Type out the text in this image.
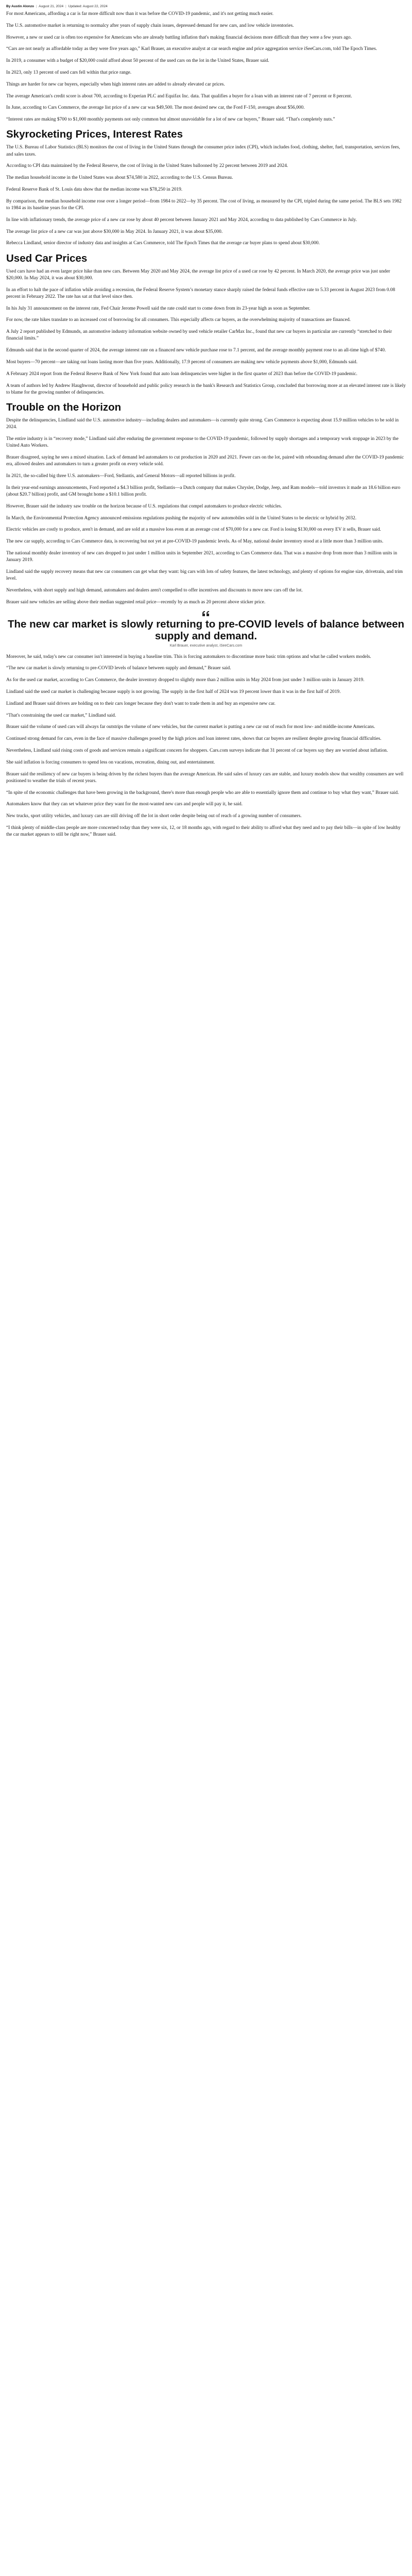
By Austin Alonzo | August 21, 2024 | Updated: August 22, 2024

For most Americans, affording a car is far more difficult now than it was before the COVID-19 pandemic, and it's not getting much easier.

The U.S. automotive market is returning to normalcy after years of supply chain issues, depressed demand for new cars, and low vehicle inventories.

However, a new or used car is often too expensive for Americans who are already battling inflation that's making financial decisions more difficult than they were a few years ago.

“Cars are not nearly as affordable today as they were five years ago,” Karl Brauer, an executive analyst at car search engine and price aggregation service iSeeCars.com, told The Epoch Times.

In 2019, a consumer with a budget of $20,000 could afford about 50 percent of the used cars on the lot in the United States, Brauer said.

In 2023, only 13 percent of used cars fell within that price range.

Things are harder for new car buyers, especially when high interest rates are added to already elevated car prices.

The average American's credit score is about 700, according to Experian PLC and Equifax Inc. data. That qualifies a buyer for a loan with an interest rate of 7 percent or 8 percent.

In June, according to Cars Commerce, the average list price of a new car was $49,500. The most desired new car, the Ford F-150, averages about $56,000.

“Interest rates are making $700 to $1,000 monthly payments not only common but almost unavoidable for a lot of new car buyers,” Brauer said. “That's completely nuts.”

Skyrocketing Prices, Interest Rates

The U.S. Bureau of Labor Statistics (BLS) monitors the cost of living in the United States through the consumer price index (CPI), which includes food, clothing, shelter, fuel, transportation, services fees, and sales taxes.

According to CPI data maintained by the Federal Reserve, the cost of living in the United States ballooned by 22 percent between 2019 and 2024.

The median household income in the United States was about $74,580 in 2022, according to the U.S. Census Bureau.

Federal Reserve Bank of St. Louis data show that the median income was $78,250 in 2019.

By comparison, the median household income rose over a longer period—from 1984 to 2022—by 35 percent. The cost of living, as measured by the CPI, tripled during the same period. The BLS sets 1982 to 1984 as its baseline years for the CPI.

In line with inflationary trends, the average price of a new car rose by about 40 percent between January 2021 and May 2024, according to data published by Cars Commerce in July.

The average list price of a new car was just above $30,000 in May 2024. In January 2021, it was about $35,000.

Rebecca Lindland, senior director of industry data and insights at Cars Commerce, told The Epoch Times that the average car buyer plans to spend about $30,000.

Used Car Prices

Used cars have had an even larger price hike than new cars. Between May 2020 and May 2024, the average list price of a used car rose by 42 percent. In March 2020, the average price was just under $20,000. In May 2024, it was about $30,000.

In an effort to halt the pace of inflation while avoiding a recession, the Federal Reserve System’s monetary stance sharply raised the federal funds effective rate to 5.33 percent in August 2023 from 0.08 percent in February 2022. The rate has sat at that level since then.

In his July 31 announcement on the interest rate, Fed Chair Jerome Powell said the rate could start to come down from its 23-year high as soon as September.

For now, the rate hikes translate to an increased cost of borrowing for all consumers. This especially affects car buyers, as the overwhelming majority of transactions are financed.

A July 2 report published by Edmunds, an automotive industry information website owned by used vehicle retailer CarMax Inc., found that new car buyers in particular are currently “stretched to their financial limits.”

Edmunds said that in the second quarter of 2024, the average interest rate on a financed new vehicle purchase rose to 7.1 percent, and the average monthly payment rose to an all-time high of $740.

Most buyers—70 percent—are taking out loans lasting more than five years. Additionally, 17.9 percent of consumers are making new vehicle payments above $1,000, Edmunds said.

A February 2024 report from the Federal Reserve Bank of New York found that auto loan delinquencies were higher in the first quarter of 2023 than before the COVID-19 pandemic.

A team of authors led by Andrew Haughwout, director of household and public policy research in the bank's Research and Statistics Group, concluded that borrowing more at an elevated interest rate is likely to blame for the growing number of delinquencies.

Trouble on the Horizon

Despite the delinquencies, Lindland said the U.S. automotive industry—including dealers and automakers—is currently quite strong. Cars Commerce is expecting about 15.9 million vehicles to be sold in 2024.

The entire industry is in “recovery mode,” Lindland said after enduring the government response to the COVID-19 pandemic, followed by supply shortages and a temporary work stoppage in 2023 by the United Auto Workers.

Brauer disagreed, saying he sees a mixed situation. Lack of demand led automakers to cut production in 2020 and 2021. Fewer cars on the lot, paired with rebounding demand after the COVID-19 pandemic era, allowed dealers and automakers to turn a greater profit on every vehicle sold.

In 2021, the so-called big three U.S. automakers—Ford, Stellantis, and General Motors—all reported billions in profit.

In their year-end earnings announcements, Ford reported a $4.3 billion profit, Stellantis—a Dutch company that makes Chrysler, Dodge, Jeep, and Ram models—told investors it made an 18.6 billion euro (about $20.7 billion) profit, and GM brought home a $10.1 billion profit.

However, Brauer said the industry saw trouble on the horizon because of U.S. regulations that compel automakers to produce electric vehicles.

In March, the Environmental Protection Agency announced emissions regulations pushing the majority of new automobiles sold in the United States to be electric or hybrid by 2032.

Electric vehicles are costly to produce, aren't in demand, and are sold at a massive loss even at an average cost of $70,000 for a new car. Ford is losing $130,000 on every EV it sells, Brauer said.

The new car supply, according to Cars Commerce data, is recovering but not yet at pre-COVID-19 pandemic levels. As of May, national dealer inventory stood at a little more than 3 million units.

The national monthly dealer inventory of new cars dropped to just under 1 million units in September 2021, according to Cars Commerce data. That was a massive drop from more than 3 million units in January 2019.

Lindland said the supply recovery means that new car consumers can get what they want: big cars with lots of safety features, the latest technology, and plenty of options for engine size, drivetrain, and trim level.

Nevertheless, with short supply and high demand, automakers and dealers aren't compelled to offer incentives and discounts to move new cars off the lot.

Brauer said new vehicles are selling above their median suggested retail price—recently by as much as 20 percent above sticker price.

The new car market is slowly returning to pre-COVID levels of balance between supply and demand.
Karl Brauer, executive analyst, iSeeCars.com

Moreover, he said, today's new car consumer isn't interested in buying a baseline trim. This is forcing automakers to discontinue more basic trim options and what he called workers models.

“The new car market is slowly returning to pre-COVID levels of balance between supply and demand,” Brauer said.

As for the used car market, according to Cars Commerce, the dealer inventory dropped to slightly more than 2 million units in May 2024 from just under 3 million units in January 2019.

Lindland said the used car market is challenging because supply is not growing. The supply in the first half of 2024 was 19 percent lower than it was in the first half of 2019.

Lindland and Brauer said drivers are holding on to their cars longer because they don't want to trade them in and buy an expensive new car.

“That's constraining the used car market,” Lindland said.

Brauer said the volume of used cars will always far outstrips the volume of new vehicles, but the current market is putting a new car out of reach for most low- and middle-income Americans.

Continued strong demand for cars, even in the face of massive challenges posed by the high prices and loan interest rates, shows that car buyers are resilient despite growing financial difficulties.

Nevertheless, Lindland said rising costs of goods and services remain a significant concern for shoppers. Cars.com surveys indicate that 31 percent of car buyers say they are worried about inflation.

She said inflation is forcing consumers to spend less on vacations, recreation, dining out, and entertainment.

Brauer said the resiliency of new car buyers is being driven by the richest buyers than the average American. He said sales of luxury cars are stable, and luxury models show that wealthy consumers are well positioned to weather the trials of recent years.

“In spite of the economic challenges that have been growing in the background, there's more than enough people who are able to essentially ignore them and continue to buy what they want,” Brauer said.

Automakers know that they can set whatever price they want for the most-wanted new cars and people will pay it, he said.

New trucks, sport utility vehicles, and luxury cars are still driving off the lot in short order despite being out of reach of a growing number of consumers.

“I think plenty of middle-class people are more concerned today than they were six, 12, or 18 months ago, with regard to their ability to afford what they need and to pay their bills—in spite of low healthy the car market appears to still be right now,” Brauer said.
